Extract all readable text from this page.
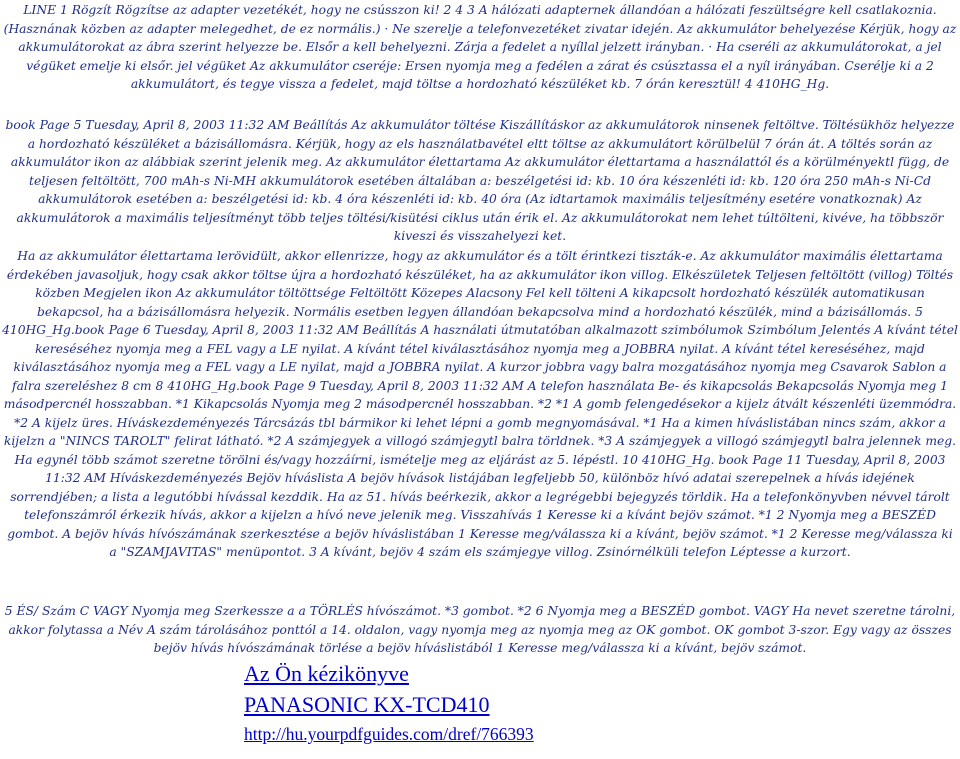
LINE 1 Rögzít Rögzítse az adapter vezetékét, hogy ne csússzon ki! 2 4 3 A hálózati adapternek állandóan a hálózati feszültségre kell csatlakoznia. (Hasznának közben az adapter melegedhet, de ez normális.) · Ne szerelje a telefonvezetéket zivatar idején. Az akkumulátor behelyezése Kérjük, hogy az akkumulátorokat az ábra szerint helyezze be. Elsőr a kell behelyezni. Zárja a fedelet a nyíllal jelzett irányban. · Ha cseréli az akkumulátorokat, a jel végüket emelje ki elsőr. jel végüket Az akkumulátor cseréje: Ersen nyomja meg a fedélen a zárat és csúsztassa el a nyíl irányában. Cserélje ki a 2 akkumulátort, és tegye vissza a fedelet, majd töltse a hordozható készüléket kb. 7 órán keresztül! 4 410HG_Hg.

book Page 5 Tuesday, April 8, 2003 11:32 AM Beállítás Az akkumulátor töltése Kiszállításkor az akkumulátorok ninsenek feltöltve. Töltésükhöz helyezze a hordozható készüléket a bázisállomásra. Kérjük, hogy az els használatbavétel eltt töltse az akkumulátort körülbelül 7 órán át. A töltés során az akkumulátor ikon az alábbiak szerint jelenik meg. Az akkumulátor élettartama Az akkumulátor élettartama a használattól és a körülményektl függ, de teljesen feltöltött, 700 mAh-s Ni-MH akkumulátorok esetében általában a: beszélgetési id: kb. 10 óra készenléti id: kb. 120 óra 250 mAh-s Ni-Cd akkumulátorok esetében a: beszélgetési id: kb. 4 óra készenléti id: kb. 40 óra (Az idtartamok maximális teljesítmény esetére vonatkoznak) Az akkumulátorok a maximális teljesítményt több teljes töltési/kisütési ciklus után érik el. Az akkumulátorokat nem lehet túltölteni, kivéve, ha többször kiveszi és visszahelyezi ket.

Ha az akkumulátor élettartama lerövidült, akkor ellenrizze, hogy az akkumulátor és a tölt érintkezi tiszták-e. Az akkumulátor maximális élettartama érdekében javasoljuk, hogy csak akkor töltse újra a hordozható készüléket, ha az akkumulátor ikon villog. Elkészületek Teljesen feltöltött (villog) Töltés közben Megjelen ikon Az akkumulátor töltöttsége Feltöltött Közepes Alacsony Fel kell tölteni A kikapcsolt hordozható készülék automatikusan bekapcsol, ha a bázisállomásra helyezik. Normális esetben legyen állandóan bekapcsolva mind a hordozható készülék, mind a bázisállomás. 5 410HG_Hg.book Page 6 Tuesday, April 8, 2003 11:32 AM Beállítás A használati útmutatóban alkalmazott szimbólumok Szimbólum Jelentés A kívánt tétel kereséséhez nyomja meg a FEL vagy a LE nyilat. A kívánt tétel kiválasztásához nyomja meg a JOBBRA nyilat. A kívánt tétel kereséséhez, majd kiválasztásához nyomja meg a FEL vagy a LE nyilat, majd a JOBBRA nyilat. A kurzor jobbra vagy balra mozgatásához nyomja meg Csavarok Sablon a falra szereléshez 8 cm 8 410HG_Hg.book Page 9 Tuesday, April 8, 2003 11:32 AM A telefon használata Be- és kikapcsolás Bekapcsolás Nyomja meg 1 másodpercnél hosszabban. *1 Kikapcsolás Nyomja meg 2 másodpercnél hosszabban. *2 *1 A gomb felengedésekor a kijelz átvált készenléti üzemmódra. *2 A kijelz üres. Híváskezdeményezés Tárcsázás tbl bármikor ki lehet lépni a gomb megnyomásával. *1 Ha a kimen híváslistában nincs szám, akkor a kijelzn a "NINCS TAROLT" felirat látható. *2 A számjegyek a villogó számjegytl balra törldnek. *3 A számjegyek a villogó számjegytl balra jelennek meg. Ha egynél több számot szeretne törölni és/vagy hozzáírni, ismételje meg az eljárást az 5. lépéstl. 10 410HG_Hg. book Page 11 Tuesday, April 8, 2003 11:32 AM Híváskezdeményezés Bejöv híváslista A bejöv hívások listájában legfeljebb 50, különböz hívó adatai szerepelnek a hívás idejének sorrendjében; a lista a legutóbbi hívással kezddik. Ha az 51. hívás beérkezik, akkor a legrégebbi bejegyzés törldik. Ha a telefonkönyvben névvel tárolt telefonszámról érkezik hívás, akkor a kijelzn a hívó neve jelenik meg. Visszahívás 1 Keresse ki a kívánt bejöv számot. *1 2 Nyomja meg a BESZÉD gombot. A bejöv hívás hívószámának szerkesztése a bejöv híváslistában 1 Keresse meg/válassza ki a kívánt, bejöv számot. *1 2 Keresse meg/válassza ki a "SZAMJAVITAS" menüpontot. 3 A kívánt, bejöv 4 szám els számjegye villog. Zsinórnélküli telefon Léptesse a kurzort.

5 ÉS/ Szám C VAGY Nyomja meg Szerkessze a a TÖRLÉS hívószámot. *3 gombot. *2 6 Nyomja meg a BESZÉD gombot. VAGY Ha nevet szeretne tárolni, akkor folytassa a Név A szám tárolásához ponttól a 14. oldalon, vagy nyomja meg az nyomja meg az OK gombot. OK gombot 3-szor. Egy vagy az összes bejöv hívás hívószámának törlése a bejöv híváslistából 1 Keresse meg/válassza ki a kívánt, bejöv számot.

Az Ön kézikönyve
PANASONIC KX-TCD410
http://hu.yourpdfguides.com/dref/766393
